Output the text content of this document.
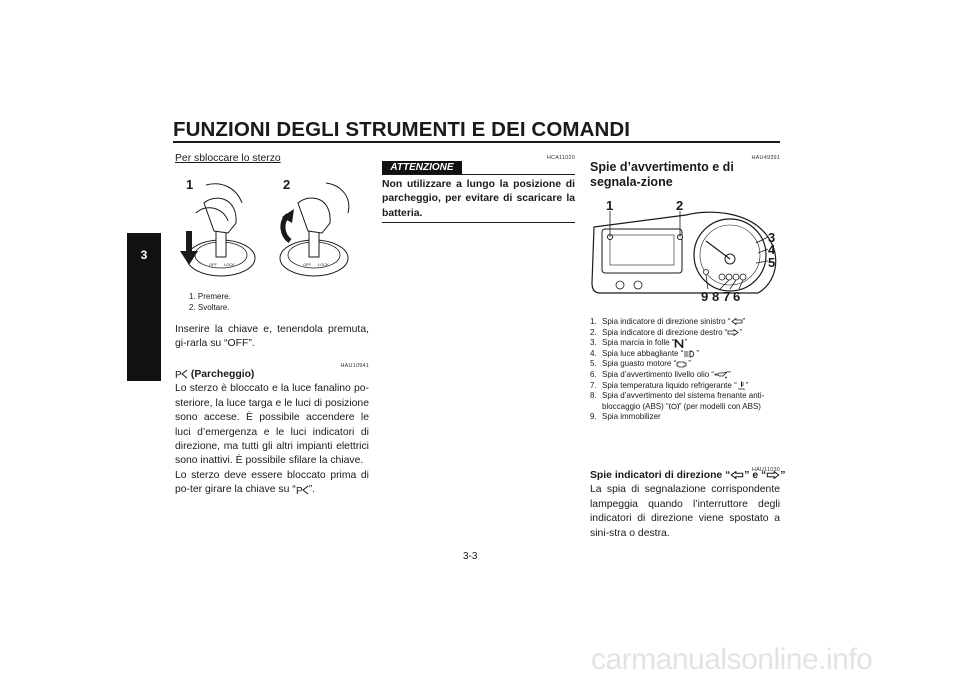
FUNZIONI DEGLI STRUMENTI E DEI COMANDI
3
Per sbloccare lo sterzo
1	2
OFF LOCK	OFF LOCK
1. Premere.
2. Svoltare.
Inserire la chiave e, tenendola premuta, gi-rarla su “OFF”.
HAU10941
P (Parcheggio)
Lo sterzo è bloccato e la luce fanalino po-steriore, la luce targa e le luci di posizione sono accese. È possibile accendere le luci d’emergenza e le luci indicatori di direzione, ma tutti gli altri impianti elettrici sono inattivi. È possibile sfilare la chiave.
Lo sterzo deve essere bloccato prima di po-ter girare la chiave su “ P ”.
HCA11020
ATTENZIONE
Non utilizzare a lungo la posizione di parcheggio, per evitare di scaricare la batteria.
HAU49391
Spie d’avvertimento e di segnala-zione
1	2
3
4
5
6
7
8
9
1. Spia indicatore di direzione sinistro “ ”
2. Spia indicatore di direzione destro “ ”
3. Spia marcia in folle “ ”
4. Spia luce abbagliante “ ”
5. Spia guasto motore “ ”
6. Spia d’avvertimento livello olio “ ”
7. Spia temperatura liquido refrigerante “ ”
8. Spia d’avvertimento del sistema frenante anti-bloccaggio (ABS) “ ” (per modelli con ABS)
9. Spia immobilizer
HAU11030
Spie indicatori di direzione “ ” e “ ”
La spia di segnalazione corrispondente lampeggia quando l’interruttore degli indicatori di direzione viene spostato a sini-stra o destra.
3-3
carmanualsonline.info
